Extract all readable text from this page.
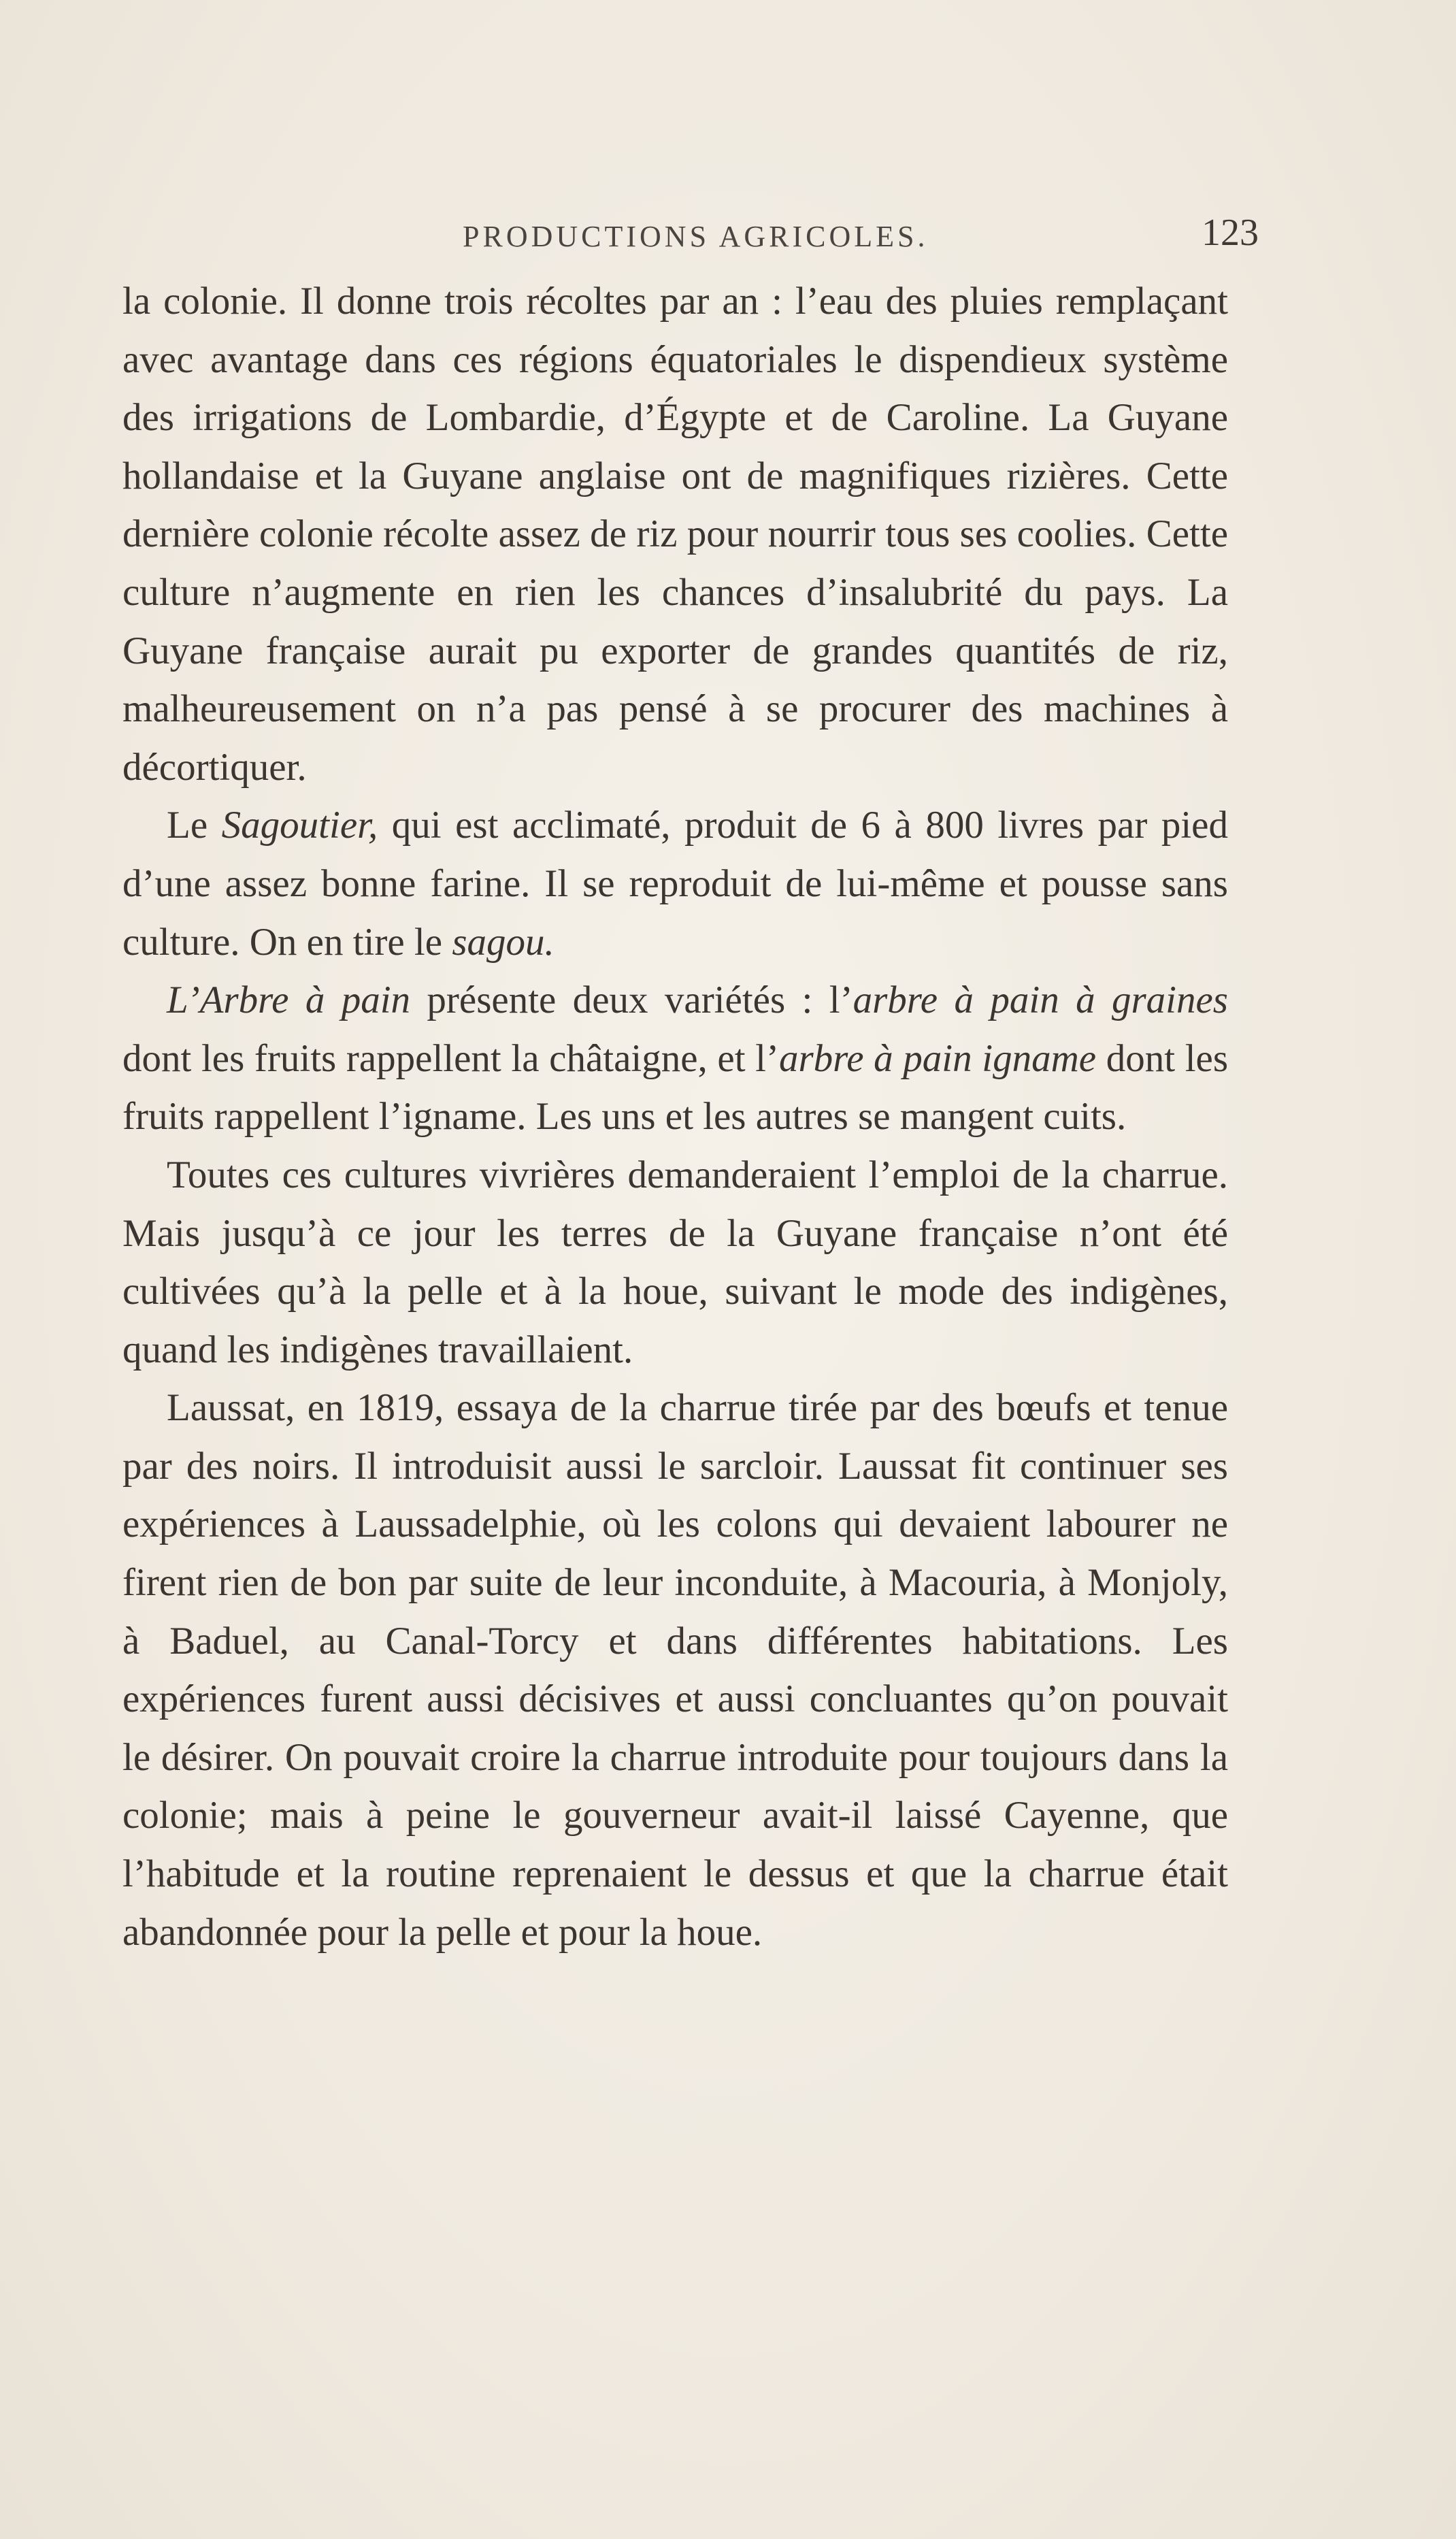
PRODUCTIONS AGRICOLES.	123

la colonie. Il donne trois récoltes par an : l’eau des pluies remplaçant avec avantage dans ces régions équatoriales le dispendieux système des irrigations de Lombardie, d’Égypte et de Caroline. La Guyane hollandaise et la Guyane anglaise ont de magnifiques rizières. Cette dernière colonie récolte assez de riz pour nourrir tous ses coolies. Cette culture n’augmente en rien les chances d’insalubrité du pays. La Guyane française aurait pu exporter de grandes quantités de riz, malheureusement on n’a pas pensé à se procurer des machines à décortiquer.

Le Sagoutier, qui est acclimaté, produit de 6 à 800 livres par pied d’une assez bonne farine. Il se reproduit de lui-même et pousse sans culture. On en tire le sagou.

L’Arbre à pain présente deux variétés : l’arbre à pain à graines dont les fruits rappellent la châtaigne, et l’arbre à pain igname dont les fruits rappellent l’igname. Les uns et les autres se mangent cuits.

Toutes ces cultures vivrières demanderaient l’emploi de la charrue. Mais jusqu’à ce jour les terres de la Guyane française n’ont été cultivées qu’à la pelle et à la houe, suivant le mode des indigènes, quand les indigènes travaillaient.

Laussat, en 1819, essaya de la charrue tirée par des bœufs et tenue par des noirs. Il introduisit aussi le sarcloir. Laussat fit continuer ses expériences à Laussadelphie, où les colons qui devaient labourer ne firent rien de bon par suite de leur inconduite, à Macouria, à Monjoly, à Baduel, au Canal-Torcy et dans différentes habitations. Les expériences furent aussi décisives et aussi concluantes qu’on pouvait le désirer. On pouvait croire la charrue introduite pour toujours dans la colonie; mais à peine le gouverneur avait-il laissé Cayenne, que l’habitude et la routine reprenaient le dessus et que la charrue était abandonnée pour la pelle et pour la houe.
